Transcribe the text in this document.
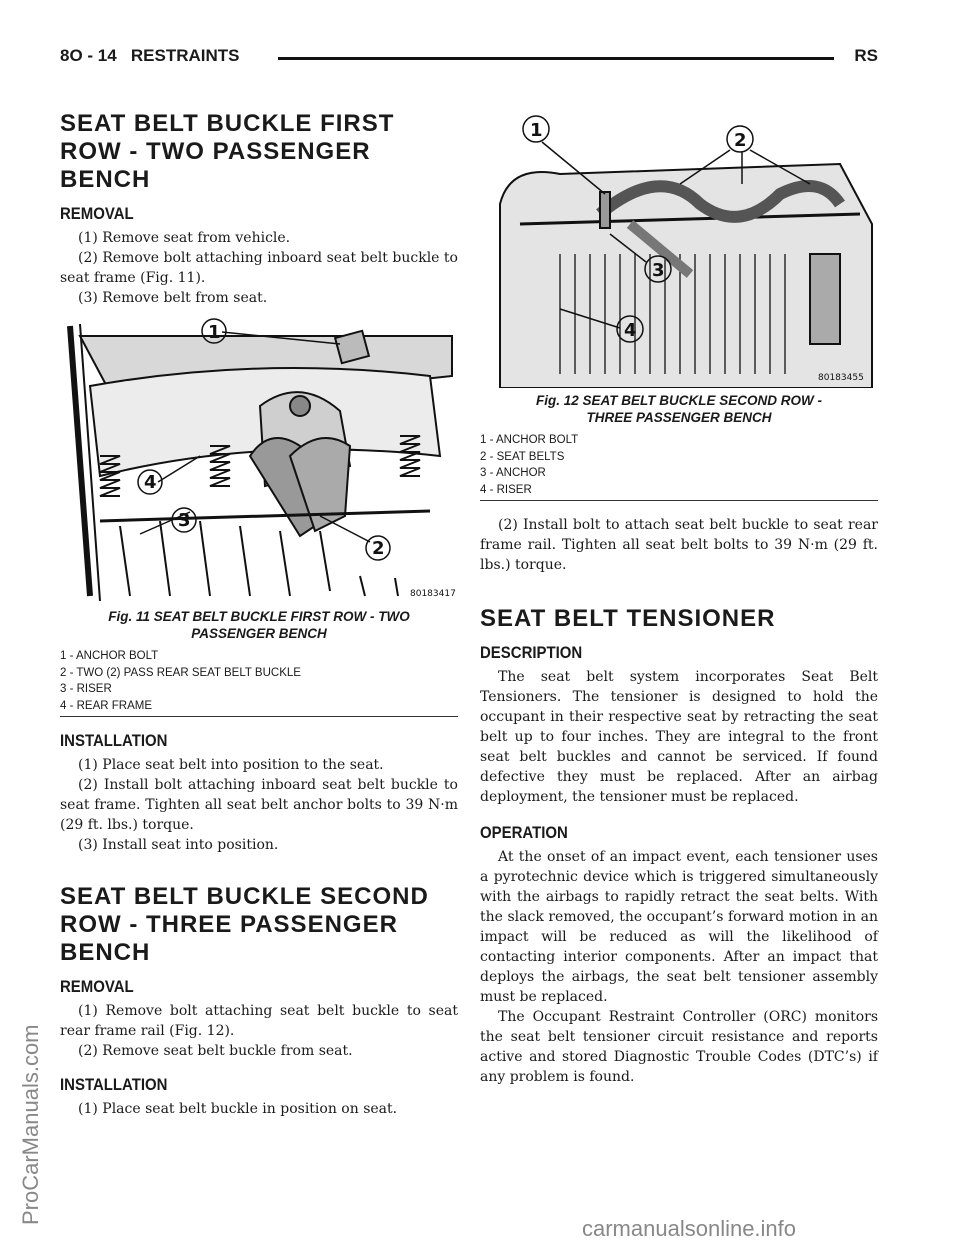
8O - 14 RESTRAINTS	RS
ProCarManuals.com
carmanualsonline.info
SEAT BELT BUCKLE FIRST
ROW - TWO PASSENGER
BENCH
REMOVAL

(1) Remove seat from vehicle.

(2) Remove bolt attaching inboard seat belt buckle to seat frame (Fig. 11).

(3) Remove belt from seat.

1
2
3
4
80183417
Fig. 11 SEAT BELT BUCKLE FIRST ROW - TWO
PASSENGER BENCH
1 - ANCHOR BOLT
2 - TWO (2) PASS REAR SEAT BELT BUCKLE
3 - RISER
4 - REAR FRAME
INSTALLATION

(1) Place seat belt into position to the seat.

(2) Install bolt attaching inboard seat belt buckle to seat frame. Tighten all seat belt anchor bolts to 39 N·m (29 ft. lbs.) torque.

(3) Install seat into position.

SEAT BELT BUCKLE SECOND
ROW - THREE PASSENGER
BENCH
REMOVAL

(1) Remove bolt attaching seat belt buckle to seat rear frame rail (Fig. 12).

(2) Remove seat belt buckle from seat.

INSTALLATION

(1) Place seat belt buckle in position on seat.

1	2
3
4
80183455
Fig. 12 SEAT BELT BUCKLE SECOND ROW -
THREE PASSENGER BENCH
1 - ANCHOR BOLT
2 - SEAT BELTS
3 - ANCHOR
4 - RISER

(2) Install bolt to attach seat belt buckle to seat rear frame rail. Tighten all seat belt bolts to 39 N·m (29 ft. lbs.) torque.

SEAT BELT TENSIONER
DESCRIPTION

The seat belt system incorporates Seat Belt Tensioners. The tensioner is designed to hold the occupant in their respective seat by retracting the seat belt up to four inches. They are integral to the front seat belt buckles and cannot be serviced. If found defective they must be replaced. After an airbag deployment, the tensioner must be replaced.

OPERATION

At the onset of an impact event, each tensioner uses a pyrotechnic device which is triggered simultaneously with the airbags to rapidly retract the seat belts. With the slack removed, the occupant’s forward motion in an impact will be reduced as will the likelihood of contacting interior components. After an impact that deploys the airbags, the seat belt tensioner assembly must be replaced.

The Occupant Restraint Controller (ORC) monitors the seat belt tensioner circuit resistance and reports active and stored Diagnostic Trouble Codes (DTC’s) if any problem is found.
